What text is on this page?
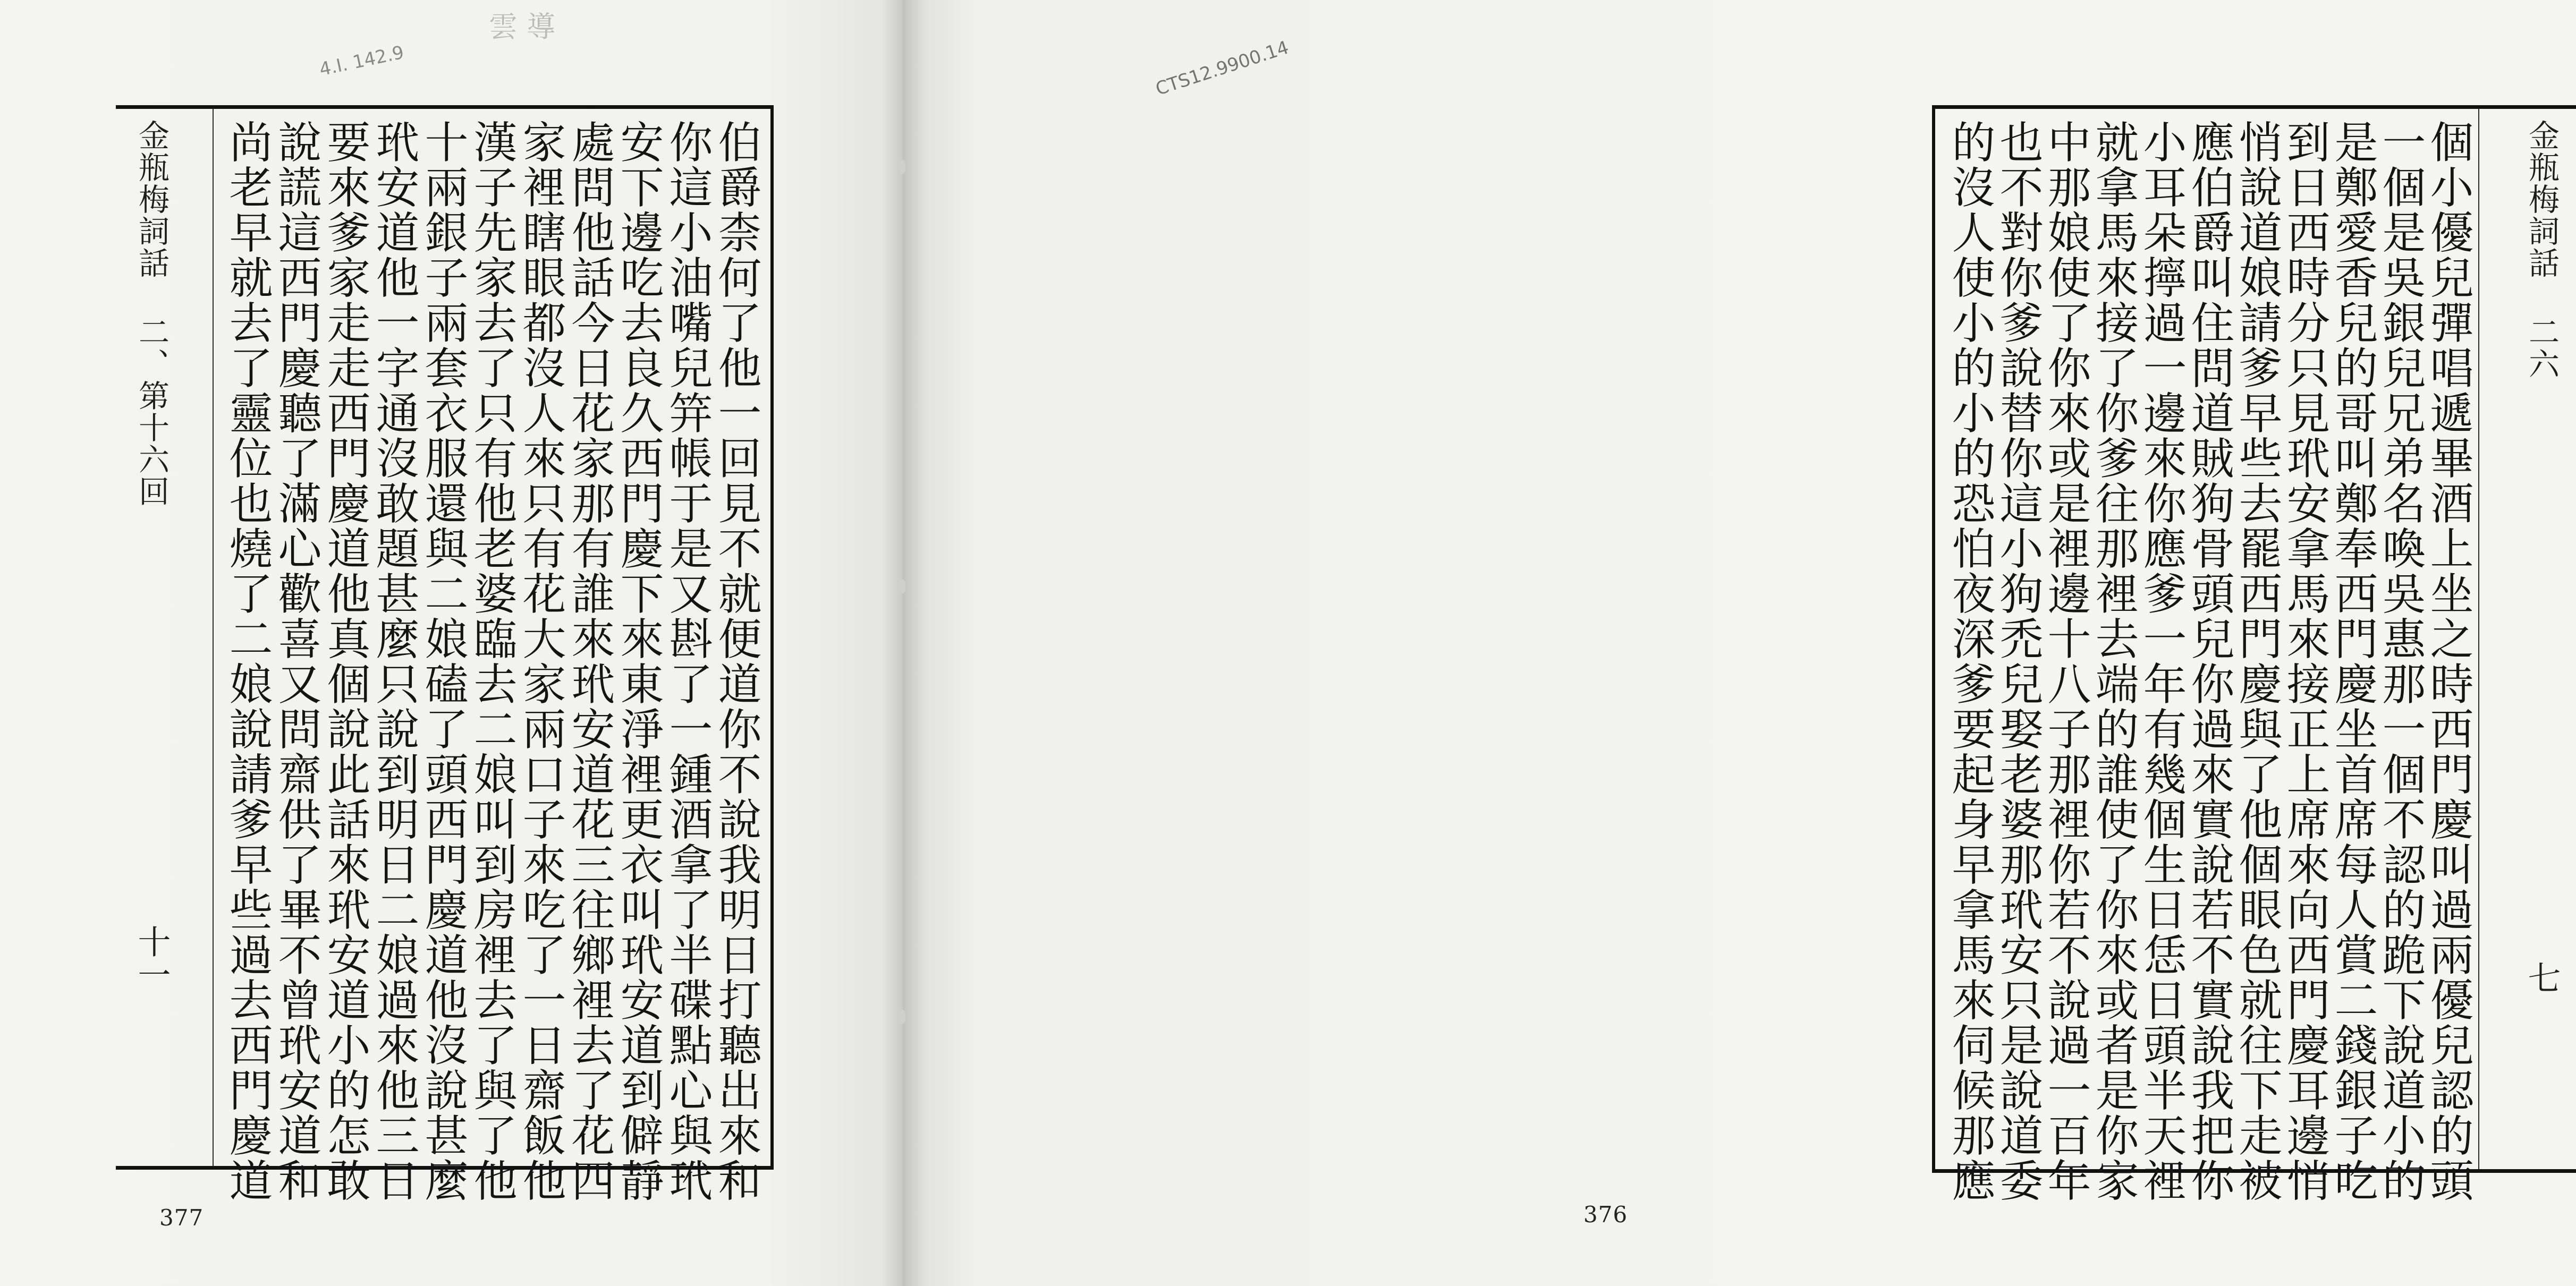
伯爵柰何了他一回見不就便道你不說我明日打聽出來和
你這小油嘴兒笄帳于是又斟了一鍾酒拿了半碟點心與玳
安下邊吃去良久西門慶下來東淨裡更衣叫玳安道到僻靜
處問他話今日花家那有誰來玳安道花三往鄉裡去了花四
家裡瞎眼都沒人來只有花大家兩口子來吃了一日齋飯他
漢子先家去了只有他老婆臨去二娘叫到房裡去了與了他
十兩銀子兩套衣服還與二娘磕了頭西門慶道他沒說甚麼
玳安道他一字通沒敢題甚麼只說到明日二娘過來他三日
要來爹家走走西門慶道他真個說此話來玳安道小的怎敢
說謊這西門慶聽了滿心歡喜又問齋供了畢不曾玳安道和
尚老早就去了靈位也燒了二娘說請爹早些過去西門慶道
金瓶梅詞話 二、第十六回
十一
377
4.I. 142.9
雲 導
個小優兒彈唱遞畢酒上坐之時西門慶叫過兩優兒認的頭
一個是吳銀兒兄弟名喚吳惠那一個不認的跪下說道小的
是鄭愛香兒的哥叫鄭奉西門慶坐首席每人賞二錢銀子吃
到日西時分只見玳安拿馬來接正上席來向西門慶耳邊悄
悄說道娘請爹早些去罷西門慶與了他個眼色就往下走被
應伯爵叫住問道賊狗骨頭兒你過來實說若不實說我把你
小耳朵擰過一邊來你應爹一年有幾個生日恁日頭半天裡
就拿馬來接了你爹往那裡去端的誰使了你來或者是你家
中那娘使了你來或是裡邊十八子那裡你若不說過一百年
也不對你爹說替你這小狗禿兒娶老婆那玳安只是說道委
的沒人使小的小的恐怕夜深爹要起身早拿馬來伺候那應	金瓶梅詞話 二六
七
376
CTS12.9900.14
